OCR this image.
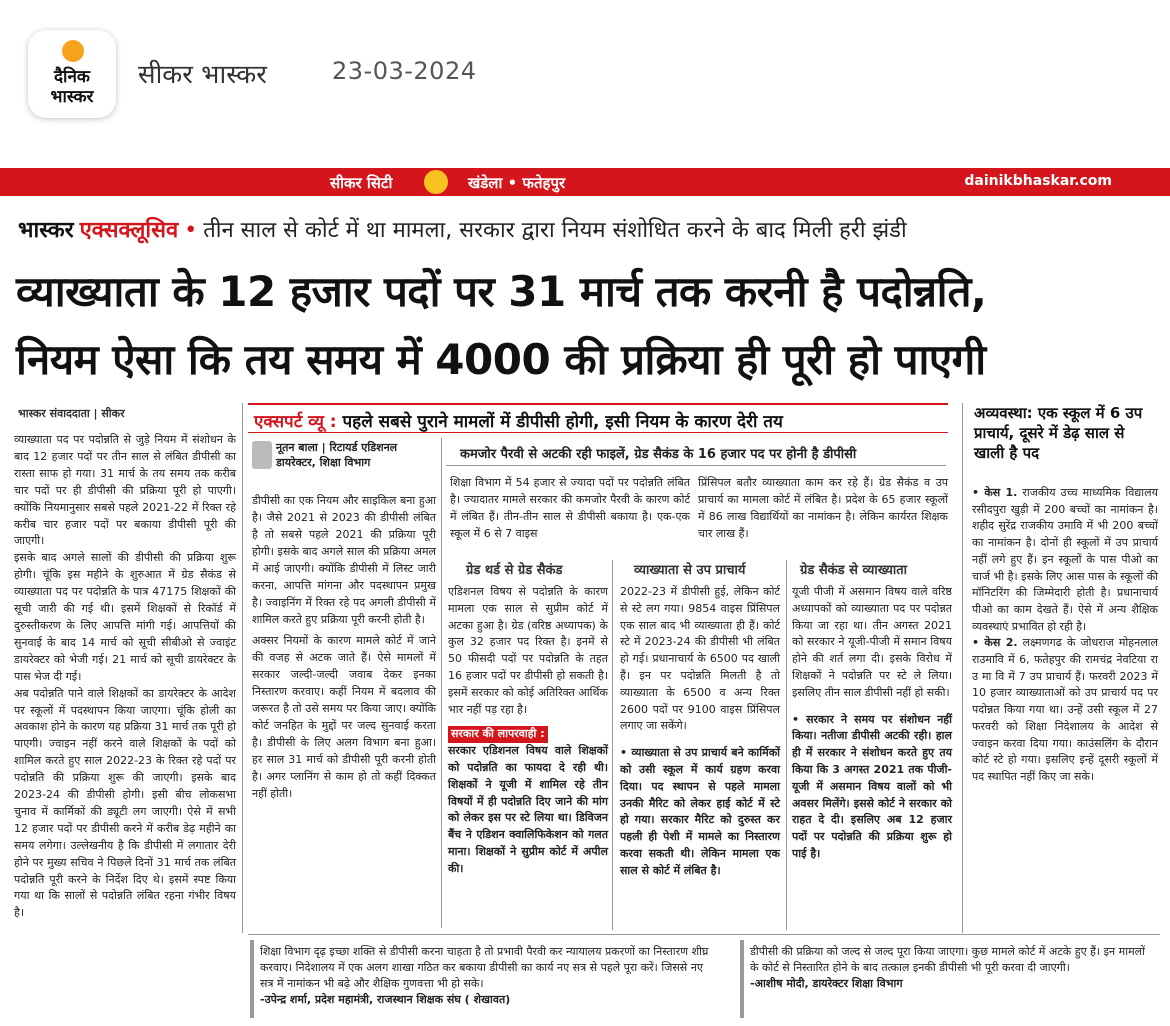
दैनिक
भास्कर
सीकर भास्कर	23-03-2024
सीकर सिटी	खंडेला • फतेहपुर	dainikbhaskar.com
भास्कर एक्सक्लूसिव • तीन साल से कोर्ट में था मामला, सरकार द्वारा नियम संशोधित करने के बाद मिली हरी झंडी
व्याख्याता के 12 हजार पदों पर 31 मार्च तक करनी है पदोन्नति,
नियम ऐसा कि तय समय में 4000 की प्रक्रिया ही पूरी हो पाएगी
भास्कर संवाददाता | सीकर

व्याख्याता पद पर पदोन्नति से जुड़े नियम में संशोधन के बाद 12 हजार पदों पर तीन साल से लंबित डीपीसी का रास्ता साफ हो गया। 31 मार्च के तय समय तक करीब चार पदों पर ही डीपीसी की प्रक्रिया पूरी हो पाएगी। क्योंकि नियमानुसार सबसे पहले 2021-22 में रिक्त रहे करीब चार हजार पदों पर बकाया डीपीसी पूरी की जाएगी।

इसके बाद अगले सालों की डीपीसी की प्रक्रिया शुरू होगी। चूंकि इस महीने के शुरुआत में ग्रेड सैकंड से व्याख्याता पद पर पदोन्नति के पात्र 47175 शिक्षकों की सूची जारी की गई थी। इसमें शिक्षकों से रिकॉर्ड में दुरुस्तीकरण के लिए आपत्ति मांगी गई। आपत्तियों की सुनवाई के बाद 14 मार्च को सूची सीबीओ से ज्वाइंट डायरेक्टर को भेजी गई। 21 मार्च को सूची डायरेक्टर के पास भेज दी गई।

अब पदोन्नति पाने वाले शिक्षकों का डायरेक्टर के आदेश पर स्कूलों में पदस्थापन किया जाएगा। चूंकि होली का अवकाश होने के कारण यह प्रक्रिया 31 मार्च तक पूरी हो पाएगी। ज्वाइन नहीं करने वाले शिक्षकों के पदों को शामिल करते हुए साल 2022-23 के रिक्त रहे पदों पर पदोन्नति की प्रक्रिया शुरू की जाएगी। इसके बाद 2023-24 की डीपीसी होगी। इसी बीच लोकसभा चुनाव में कार्मिकों की ड्यूटी लग जाएगी। ऐसे में सभी 12 हजार पदों पर डीपीसी करने में करीब डेढ़ महीने का समय लगेगा। उल्लेखनीय है कि डीपीसी में लगातार देरी होने पर मुख्य सचिव ने पिछले दिनों 31 मार्च तक लंबित पदोन्नति पूरी करने के निर्देश दिए थे। इसमें स्पष्ट किया गया था कि सालों से पदोन्नति लंबित रहना गंभीर विषय है।

एक्सपर्ट व्यू : पहले सबसे पुराने मामलों में डीपीसी होगी, इसी नियम के कारण देरी तय
नूतन बाला | रिटायर्ड एडिशनल
डायरेक्टर, शिक्षा विभाग

डीपीसी का एक नियम और साइकिल बना हुआ है। जैसे 2021 से 2023 की डीपीसी लंबित है तो सबसे पहले 2021 की प्रक्रिया पूरी होगी। इसके बाद अगले साल की प्रक्रिया अमल में आई जाएगी। क्योंकि डीपीसी में लिस्ट जारी करना, आपत्ति मांगना और पदस्थापन प्रमुख है। ज्वाइनिंग में रिक्त रहे पद अगली डीपीसी में शामिल करते हुए प्रक्रिया पूरी करनी होती है।

अक्सर नियमों के कारण मामले कोर्ट में जाने की वजह से अटक जाते हैं। ऐसे मामलों में सरकार जल्दी-जल्दी जवाब देकर इनका निस्तारण करवाए। कहीं नियम में बदलाव की जरूरत है तो उसे समय पर किया जाए। क्योंकि कोर्ट जनहित के मुद्दों पर जल्द सुनवाई करता है। डीपीसी के लिए अलग विभाग बना हुआ। हर साल 31 मार्च को डीपीसी पूरी करनी होती है। अगर प्लानिंग से काम हो तो कहीं दिक्कत नहीं होती।

कमजोर पैरवी से अटकी रही फाइलें, ग्रेड सैकंड के 16 हजार पद पर होनी है डीपीसी

शिक्षा विभाग में 54 हजार से ज्यादा पदों पर पदोन्नति लंबित है। ज्यादातर मामले सरकार की कमजोर पैरवी के कारण कोर्ट में लंबित हैं। तीन-तीन साल से डीपीसी बकाया है। एक-एक स्कूल में 6 से 7 वाइस

प्रिंसिपल बतौर व्याख्याता काम कर रहे हैं। ग्रेड सैकंड व उप प्राचार्य का मामला कोर्ट में लंबित है। प्रदेश के 65 हजार स्कूलों में 86 लाख विद्यार्थियों का नामांकन है। लेकिन कार्यरत शिक्षक चार लाख हैं।

ग्रेड थर्ड से ग्रेड सैकंड

एडिशनल विषय से पदोन्नति के कारण मामला एक साल से सुप्रीम कोर्ट में अटका हुआ है। ग्रेड (वरिष्ठ अध्यापक) के कुल 32 हजार पद रिक्त है। इनमें से 50 फीसदी पदों पर पदोन्नति के तहत 16 हजार पदों पर डीपीसी हो सकती है। इसमें सरकार को कोई अतिरिक्त आर्थिक भार नहीं पड़ रहा है।

सरकार की लापरवाही :

सरकार एडिशनल विषय वाले शिक्षकों को पदोन्नति का फायदा दे रही थी। शिक्षकों ने यूजी में शामिल रहे तीन विषयों में ही पदोन्नति दिए जाने की मांग को लेकर इस पर स्टे लिया था। डिविजन बैंच ने एडिशन क्वालिफिकेशन को गलत माना। शिक्षकों ने सुप्रीम कोर्ट में अपील की।

व्याख्याता से उप प्राचार्य

2022-23 में डीपीसी हुई, लेकिन कोर्ट से स्टे लग गया। 9854 वाइस प्रिंसिपल एक साल बाद भी व्याख्याता ही हैं। कोर्ट स्टे में 2023-24 की डीपीसी भी लंबित हो गई। प्रधानाचार्य के 6500 पद खाली हैं। इन पर पदोन्नति मिलती है तो व्याख्याता के 6500 व अन्य रिक्त 2600 पदों पर 9100 वाइस प्रिंसिपल लगाए जा सकेंगे।

• व्याख्याता से उप प्राचार्य बने कार्मिकों को उसी स्कूल में कार्य ग्रहण करवा दिया। पद स्थापन से पहले मामला उनकी मैरिट को लेकर हाई कोर्ट में स्टे हो गया। सरकार मैरिट को दुरुस्त कर पहली ही पेशी में मामले का निस्तारण करवा सकती थी। लेकिन मामला एक साल से कोर्ट में लंबित है।

ग्रेड सैकंड से व्याख्याता

यूजी पीजी में असमान विषय वाले वरिष्ठ अध्यापकों को व्याख्याता पद पर पदोन्नत किया जा रहा था। तीन अगस्त 2021 को सरकार ने यूजी-पीजी में समान विषय होने की शर्त लगा दी। इसके विरोध में शिक्षकों ने पदोन्नति पर स्टे ले लिया। इसलिए तीन साल डीपीसी नहीं हो सकी।

• सरकार ने समय पर संशोधन नहीं किया। नतीजा डीपीसी अटकी रही। हाल ही में सरकार ने संशोधन करते हुए तय किया कि 3 अगस्त 2021 तक पीजी-यूजी में असमान विषय वालों को भी अवसर मिलेंगे। इससे कोर्ट ने सरकार को राहत दे दी। इसलिए अब 12 हजार पदों पर पदोन्नति की प्रक्रिया शुरू हो पाई है।

अव्यवस्था: एक स्कूल में 6 उप प्राचार्य, दूसरे में डेढ़ साल से खाली है पद

• केस 1. राजकीय उच्च माध्यमिक विद्यालय रसीदपुरा खुड़ी में 200 बच्चों का नामांकन है। शहीद सुरेंद्र राजकीय उमावि में भी 200 बच्चों का नामांकन है। दोनों ही स्कूलों में उप प्राचार्य नहीं लगे हुए हैं। इन स्कूलों के पास पीओ का चार्ज भी है। इसके लिए आस पास के स्कूलों की मॉनिटरिंग की जिम्मेदारी होती है। प्रधानाचार्य पीओ का काम देखते हैं। ऐसे में अन्य शैक्षिक व्यवस्थाएं प्रभावित हो रही है।

• केस 2. लक्ष्मणगढ के जोधराज मोहनलाल राउमावि में 6, फतेहपुर की रामचंद्र नेवटिया रा उ मा वि में 7 उप प्राचार्य हैं। फरवरी 2023 में 10 हजार व्याख्याताओं को उप प्राचार्य पद पर पदोन्नत किया गया था। उन्हें उसी स्कूल में 27 फरवरी को शिक्षा निदेशालय के आदेश से ज्वाइन करवा दिया गया। काउंसलिंग के दौरान कोर्ट स्टे हो गया। इसलिए इन्हें दूसरी स्कूलों में पद स्थापित नहीं किए जा सके।

शिक्षा विभाग दृढ़ इच्छा शक्ति से डीपीसी करना चाहता है तो प्रभावी पैरवी कर न्यायालय प्रकरणों का निस्तारण शीघ्र करवाए। निदेशालय में एक अलग शाखा गठित कर बकाया डीपीसी का कार्य नए सत्र से पहले पूरा करें। जिससे नए सत्र में नामांकन भी बढ़े और शैक्षिक गुणवत्ता भी हो सके।

-उपेन्द्र शर्मा, प्रदेश महामंत्री, राजस्थान शिक्षक संघ ( शेखावत)

डीपीसी की प्रक्रिया को जल्द से जल्द पूरा किया जाएगा। कुछ मामले कोर्ट में अटके हुए हैं। इन मामलों के कोर्ट से निस्तारित होने के बाद तत्काल इनकी डीपीसी भी पूरी करवा दी जाएगी।

-आशीष मोदी, डायरेक्टर शिक्षा विभाग
